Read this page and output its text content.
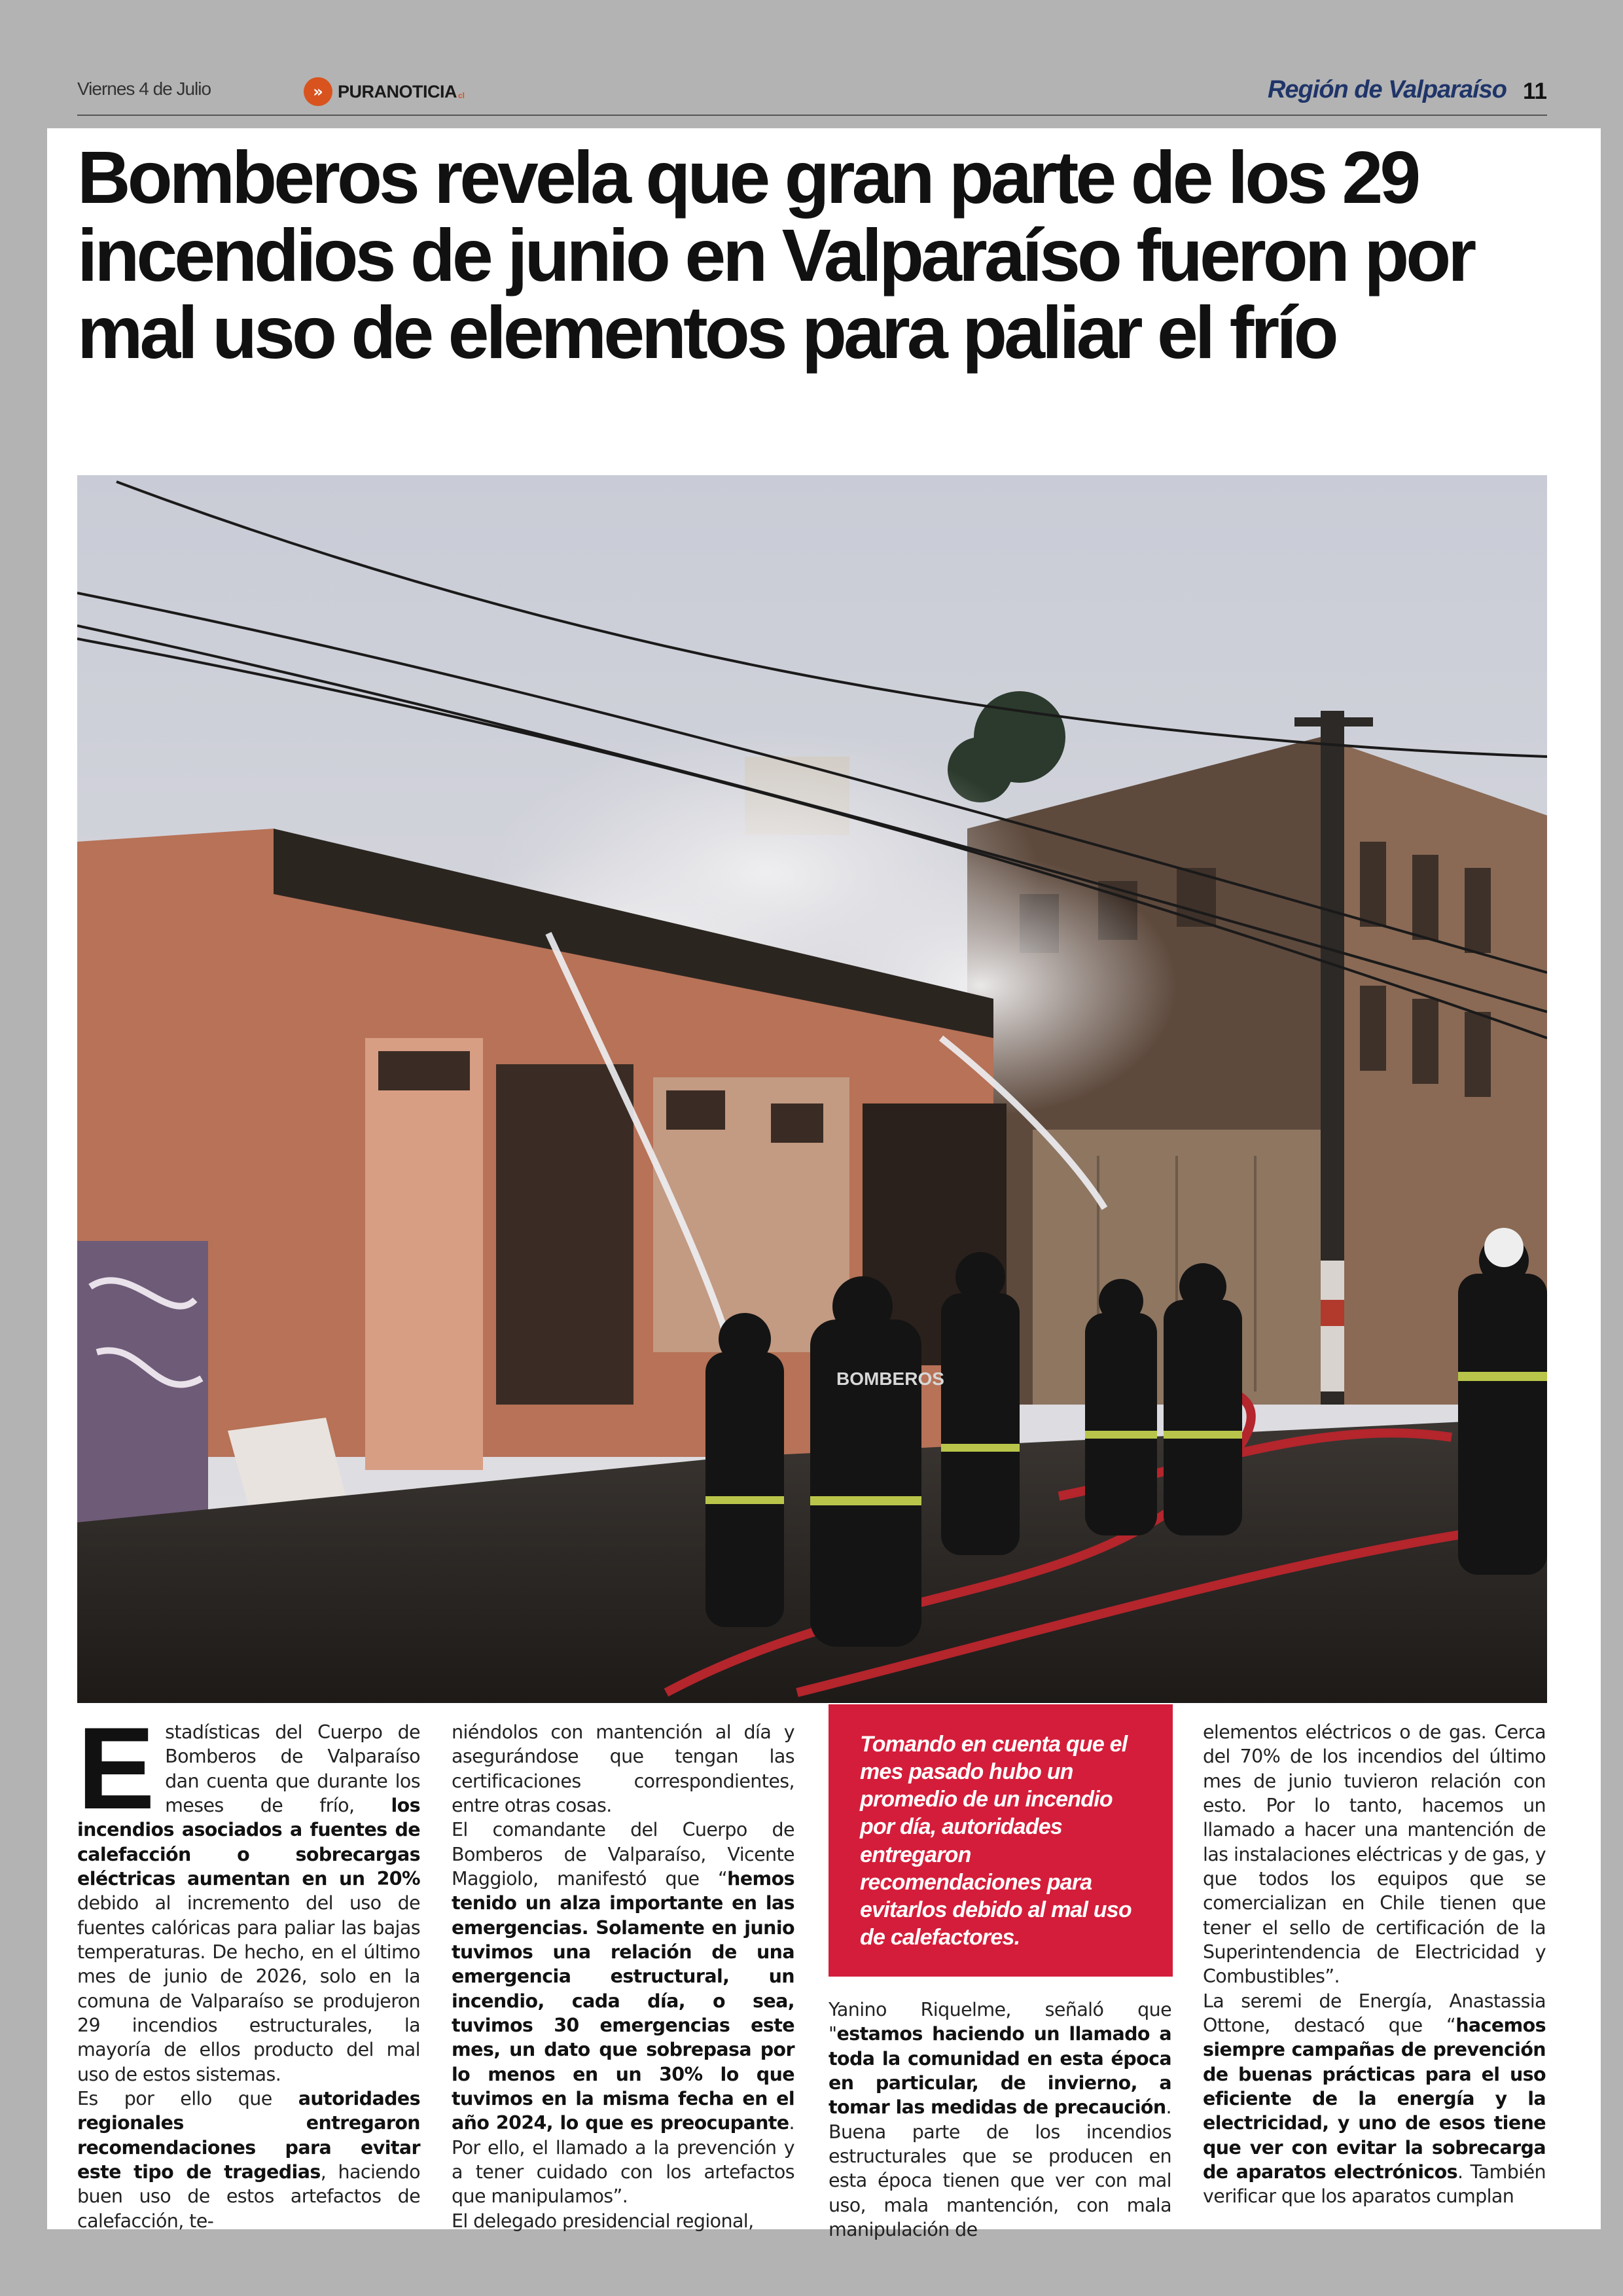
Viernes 4 de Julio	» PURANOTICIA cl	Región de Valparaíso 11
Bomberos revela que gran parte de los 29 incendios de junio en Valparaíso fueron por mal uso de elementos para paliar el frío
BOMBEROS
E stadísticas del Cuerpo de Bomberos de Valparaíso dan cuenta que durante los meses de frío, los incendios asociados a fuentes de calefacción o sobrecargas eléctricas aumentan en un 20% debido al incremento del uso de fuentes calóricas para paliar las bajas temperaturas. De hecho, en el último mes de junio de 2026, solo en la comuna de Valparaíso se produjeron 29 incendios estructurales, la mayoría de ellos producto del mal uso de estos sistemas.
Es por ello que autoridades regionales entregaron recomendaciones para evitar este tipo de tragedias, haciendo buen uso de estos artefactos de calefacción, te-

niéndolos con mantención al día y asegurándose que tengan las certificaciones correspondientes, entre otras cosas.
El comandante del Cuerpo de Bomberos de Valparaíso, Vicente Maggiolo, manifestó que “hemos tenido un alza importante en las emergencias. Solamente en junio tuvimos una relación de una emergencia estructural, un incendio, cada día, o sea, tuvimos 30 emergencias este mes, un dato que sobrepasa por lo menos en un 30% lo que tuvimos en la misma fecha en el año 2024, lo que es preocupante. Por ello, el llamado a la prevención y a tener cuidado con los artefactos que manipulamos”.
El delegado presidencial regional,

Tomando en cuenta que el mes pasado hubo un promedio de un incendio por día, autoridades entregaron recomendaciones para evitarlos debido al mal uso de calefactores.

Yanino Riquelme, señaló que "estamos haciendo un llamado a toda la comunidad en esta época en particular, de invierno, a tomar las medidas de precaución. Buena parte de los incendios estructurales que se producen en esta época tienen que ver con mal uso, mala mantención, con mala manipulación de

elementos eléctricos o de gas. Cerca del 70% de los incendios del último mes de junio tuvieron relación con esto. Por lo tanto, hacemos un llamado a hacer una mantención de las instalaciones eléctricas y de gas, y que todos los equipos que se comercializan en Chile tienen que tener el sello de certificación de la Superintendencia de Electricidad y Combustibles”.
La seremi de Energía, Anastassia Ottone, destacó que “hacemos siempre campañas de prevención de buenas prácticas para el uso eficiente de la energía y la electricidad, y uno de esos tiene que ver con evitar la sobrecarga de aparatos electrónicos. También verificar que los aparatos cumplan
